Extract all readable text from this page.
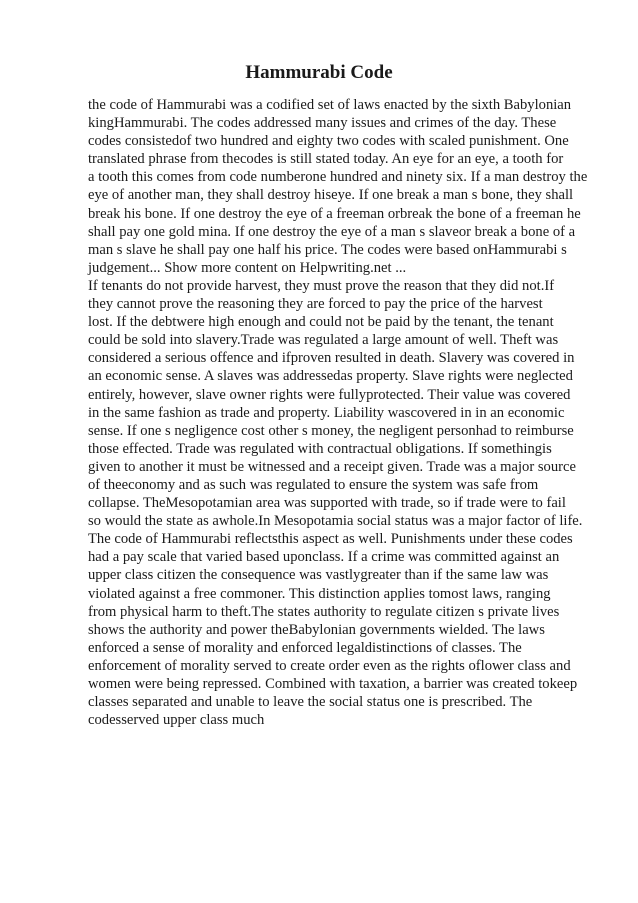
Hammurabi Code
the code of Hammurabi was a codified set of laws enacted by the sixth Babylonian
kingHammurabi. The codes addressed many issues and crimes of the day. These
codes consistedof two hundred and eighty two codes with scaled punishment. One
translated phrase from thecodes is still stated today. An eye for an eye, a tooth for
a tooth this comes from code numberone hundred and ninety six. If a man destroy the
eye of another man, they shall destroy hiseye. If one break a man s bone, they shall
break his bone. If one destroy the eye of a freeman orbreak the bone of a freeman he
shall pay one gold mina. If one destroy the eye of a man s slaveor break a bone of a
man s slave he shall pay one half his price. The codes were based onHammurabi s
judgement... Show more content on Helpwriting.net ...
If tenants do not provide harvest, they must prove the reason that they did not.If
they cannot prove the reasoning they are forced to pay the price of the harvest
lost. If the debtwere high enough and could not be paid by the tenant, the tenant
could be sold into slavery.Trade was regulated a large amount of well. Theft was
considered a serious offence and ifproven resulted in death. Slavery was covered in
an economic sense. A slaves was addressedas property. Slave rights were neglected
entirely, however, slave owner rights were fullyprotected. Their value was covered
in the same fashion as trade and property. Liability wascovered in in an economic
sense. If one s negligence cost other s money, the negligent personhad to reimburse
those effected. Trade was regulated with contractual obligations. If somethingis
given to another it must be witnessed and a receipt given. Trade was a major source
of theeconomy and as such was regulated to ensure the system was safe from
collapse. TheMesopotamian area was supported with trade, so if trade were to fail
so would the state as awhole.In Mesopotamia social status was a major factor of life.
The code of Hammurabi reflectsthis aspect as well. Punishments under these codes
had a pay scale that varied based uponclass. If a crime was committed against an
upper class citizen the consequence was vastlygreater than if the same law was
violated against a free commoner. This distinction applies tomost laws, ranging
from physical harm to theft.The states authority to regulate citizen s private lives
shows the authority and power theBabylonian governments wielded. The laws
enforced a sense of morality and enforced legaldistinctions of classes. The
enforcement of morality served to create order even as the rights oflower class and
women were being repressed. Combined with taxation, a barrier was created tokeep
classes separated and unable to leave the social status one is prescribed. The
codesserved upper class much
